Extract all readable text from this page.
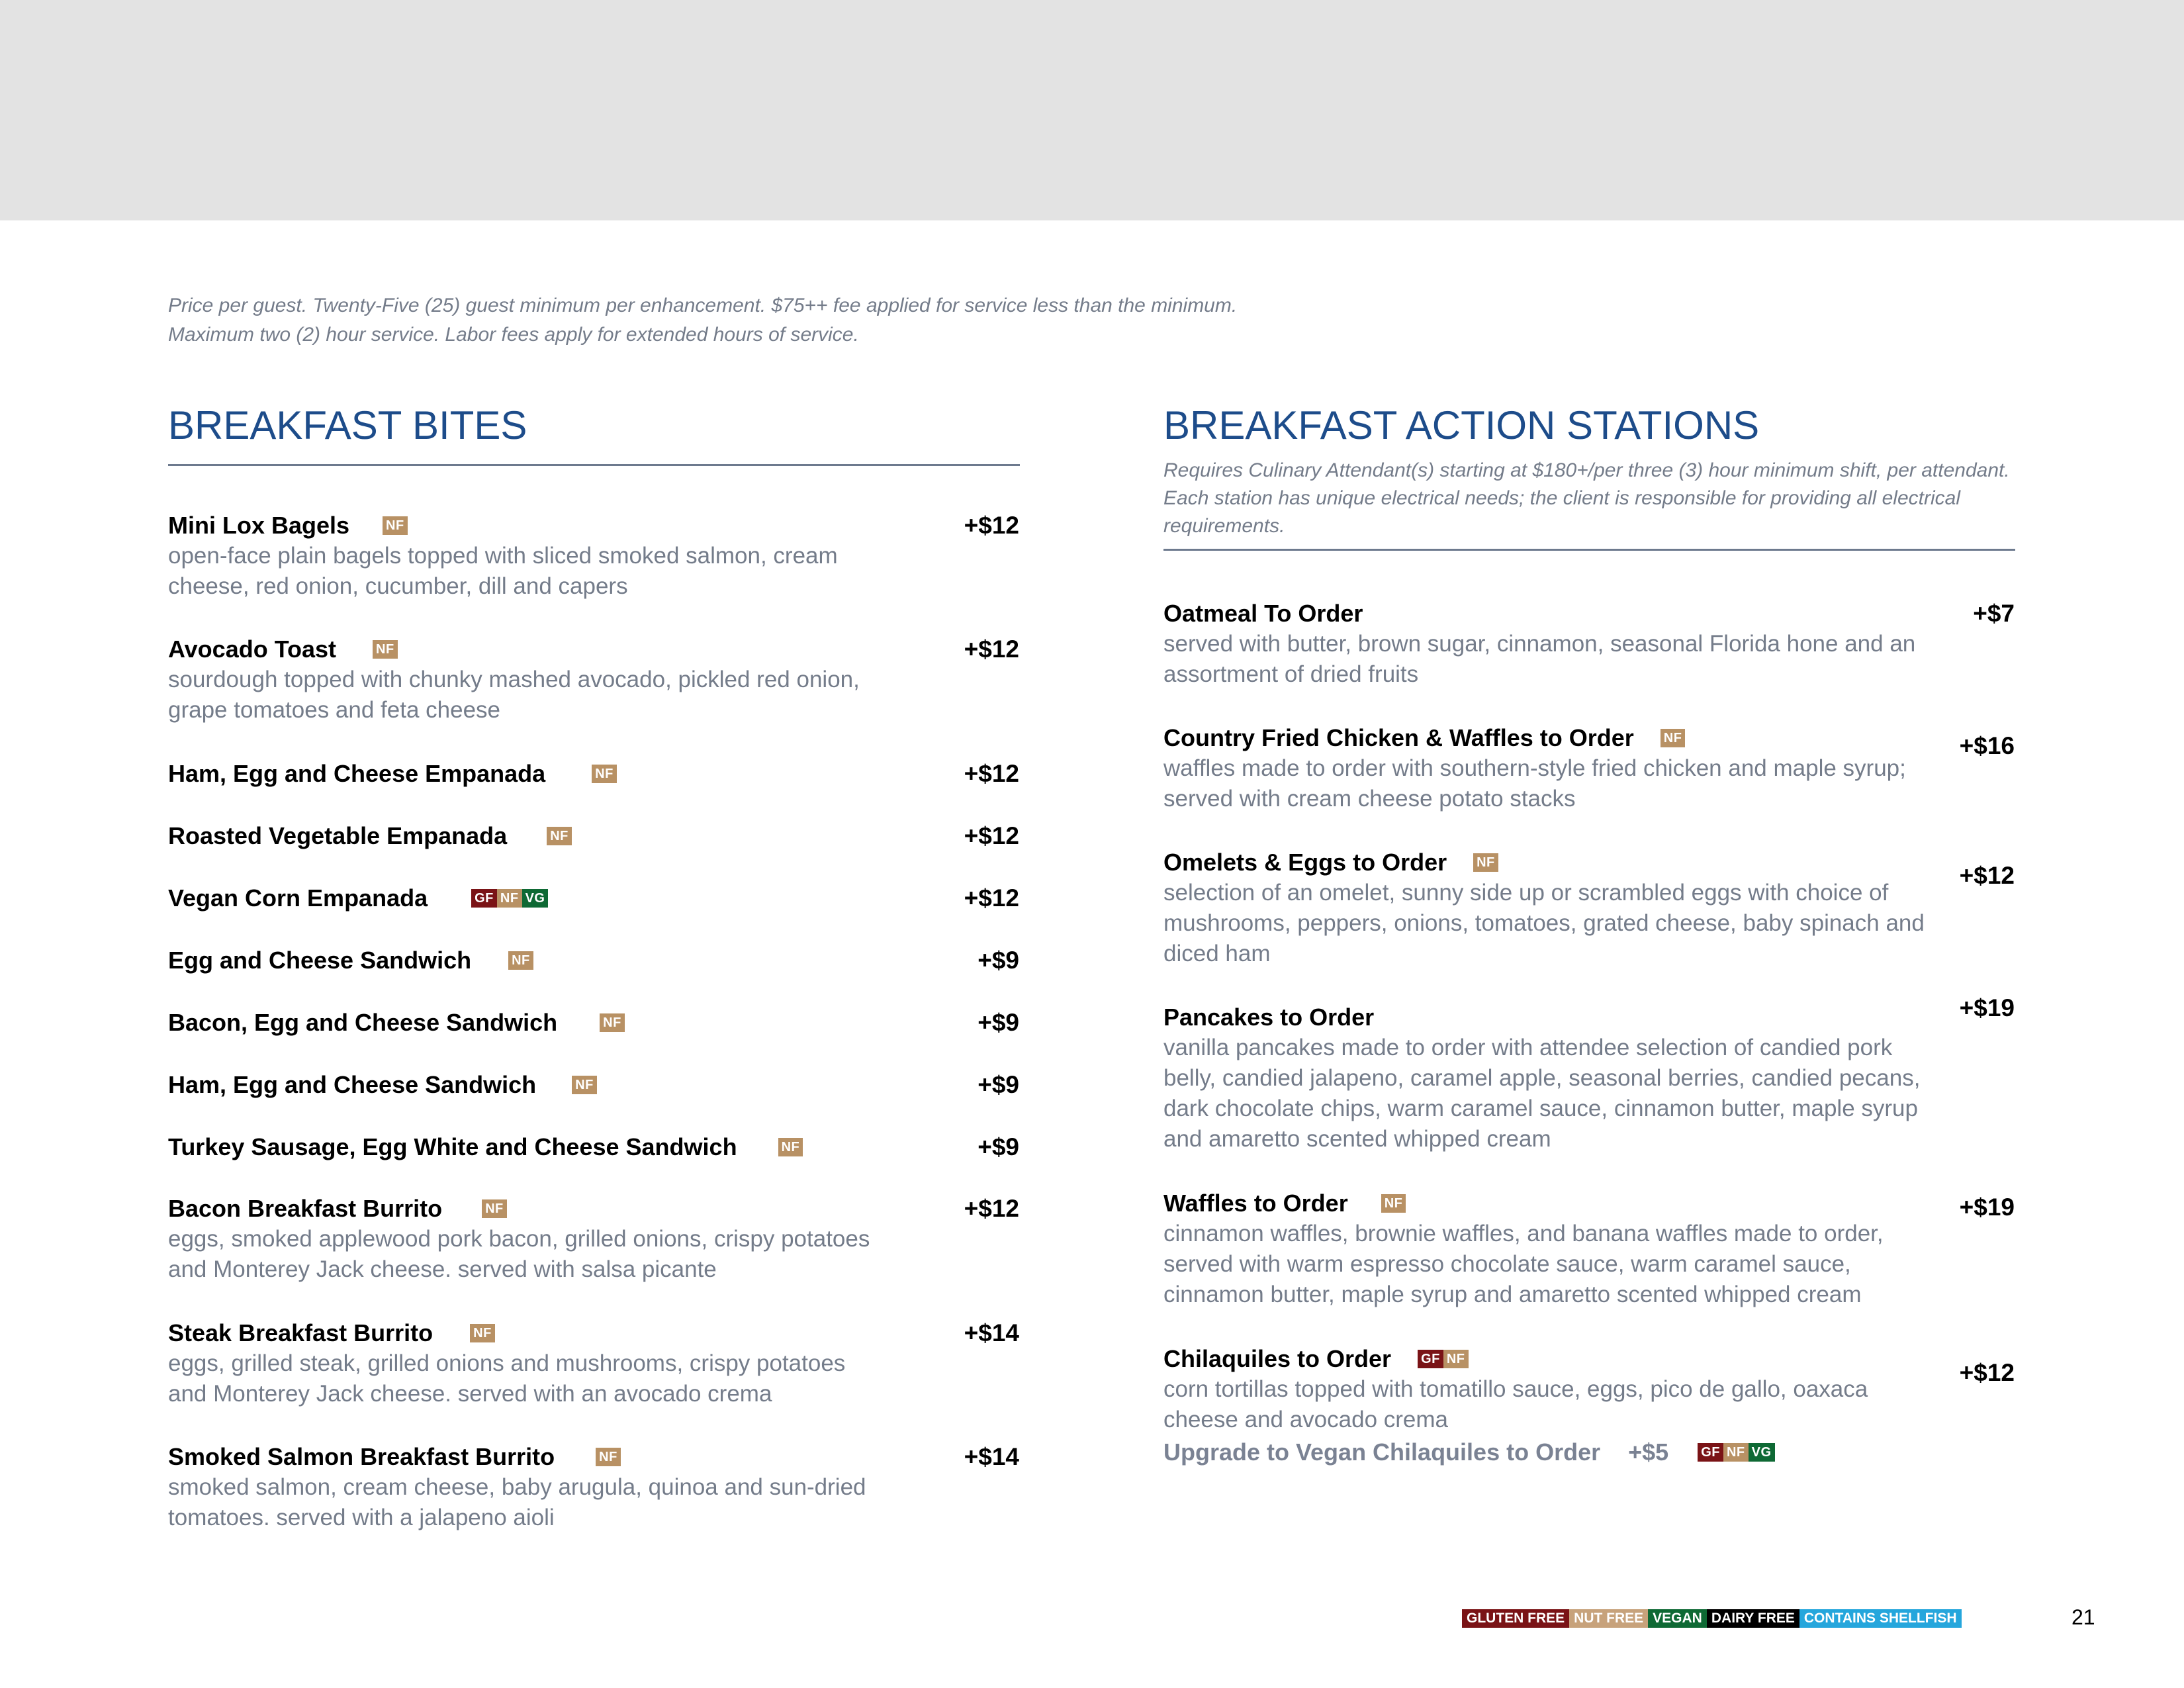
Price per guest. Twenty-Five (25) guest minimum per enhancement. $75++ fee applied for service less than the minimum.
Maximum two (2) hour service. Labor fees apply for extended hours of service.
BREAKFAST BITES	BREAKFAST ACTION STATIONS
Requires Culinary Attendant(s) starting at $180+/per three (3) hour minimum shift, per attendant. Each station has unique electrical needs; the client is responsible for providing all electrical requirements.
Mini Lox Bagels	NF
open-face plain bagels topped with sliced smoked salmon, cream cheese, red onion, cucumber, dill and capers
+$12
Avocado Toast	NF
sourdough topped with chunky mashed avocado, pickled red onion, grape tomatoes and feta cheese
+$12
Ham, Egg and Cheese Empanada	NF	+$12
Roasted Vegetable Empanada	NF	+$12
Vegan Corn Empanada	GF NF VG	+$12
Egg and Cheese Sandwich	NF	+$9
Bacon, Egg and Cheese Sandwich	NF	+$9
Ham, Egg and Cheese Sandwich	NF	+$9
Turkey Sausage, Egg White and Cheese Sandwich	NF	+$9
Bacon Breakfast Burrito	NF
eggs, smoked applewood pork bacon, grilled onions, crispy potatoes and Monterey Jack cheese. served with salsa picante
+$12
Steak Breakfast Burrito	NF
eggs, grilled steak, grilled onions and mushrooms, crispy potatoes and Monterey Jack cheese. served with an avocado crema
+$14
Smoked Salmon Breakfast Burrito	NF
smoked salmon, cream cheese, baby arugula, quinoa and sun-dried tomatoes. served with a jalapeno aioli
+$14
Oatmeal To Order
served with butter, brown sugar, cinnamon, seasonal Florida hone and an assortment of dried fruits
+$7
Country Fried Chicken & Waffles to Order NF
waffles made to order with southern-style fried chicken and maple syrup; served with cream cheese potato stacks
+$16
Omelets & Eggs to Order NF
selection of an omelet, sunny side up or scrambled eggs with choice of mushrooms, peppers, onions, tomatoes, grated cheese, baby spinach and diced ham
+$12
Pancakes to Order
vanilla pancakes made to order with attendee selection of candied pork belly, candied jalapeno, caramel apple, seasonal berries, candied pecans, dark chocolate chips, warm caramel sauce, cinnamon butter, maple syrup and amaretto scented whipped cream
+$19
Waffles to Order	NF
cinnamon waffles, brownie waffles, and banana waffles made to order, served with warm espresso chocolate sauce, warm caramel sauce, cinnamon butter, maple syrup and amaretto scented whipped cream
+$19
Chilaquiles to Order GF NF
corn tortillas topped with tomatillo sauce, eggs, pico de gallo, oaxaca cheese and avocado crema
+$12
Upgrade to Vegan Chilaquiles to Order +$5 GF NF VG
GLUTEN FREE NUT FREE VEGAN DAIRY FREE CONTAINS SHELLFISH	21
